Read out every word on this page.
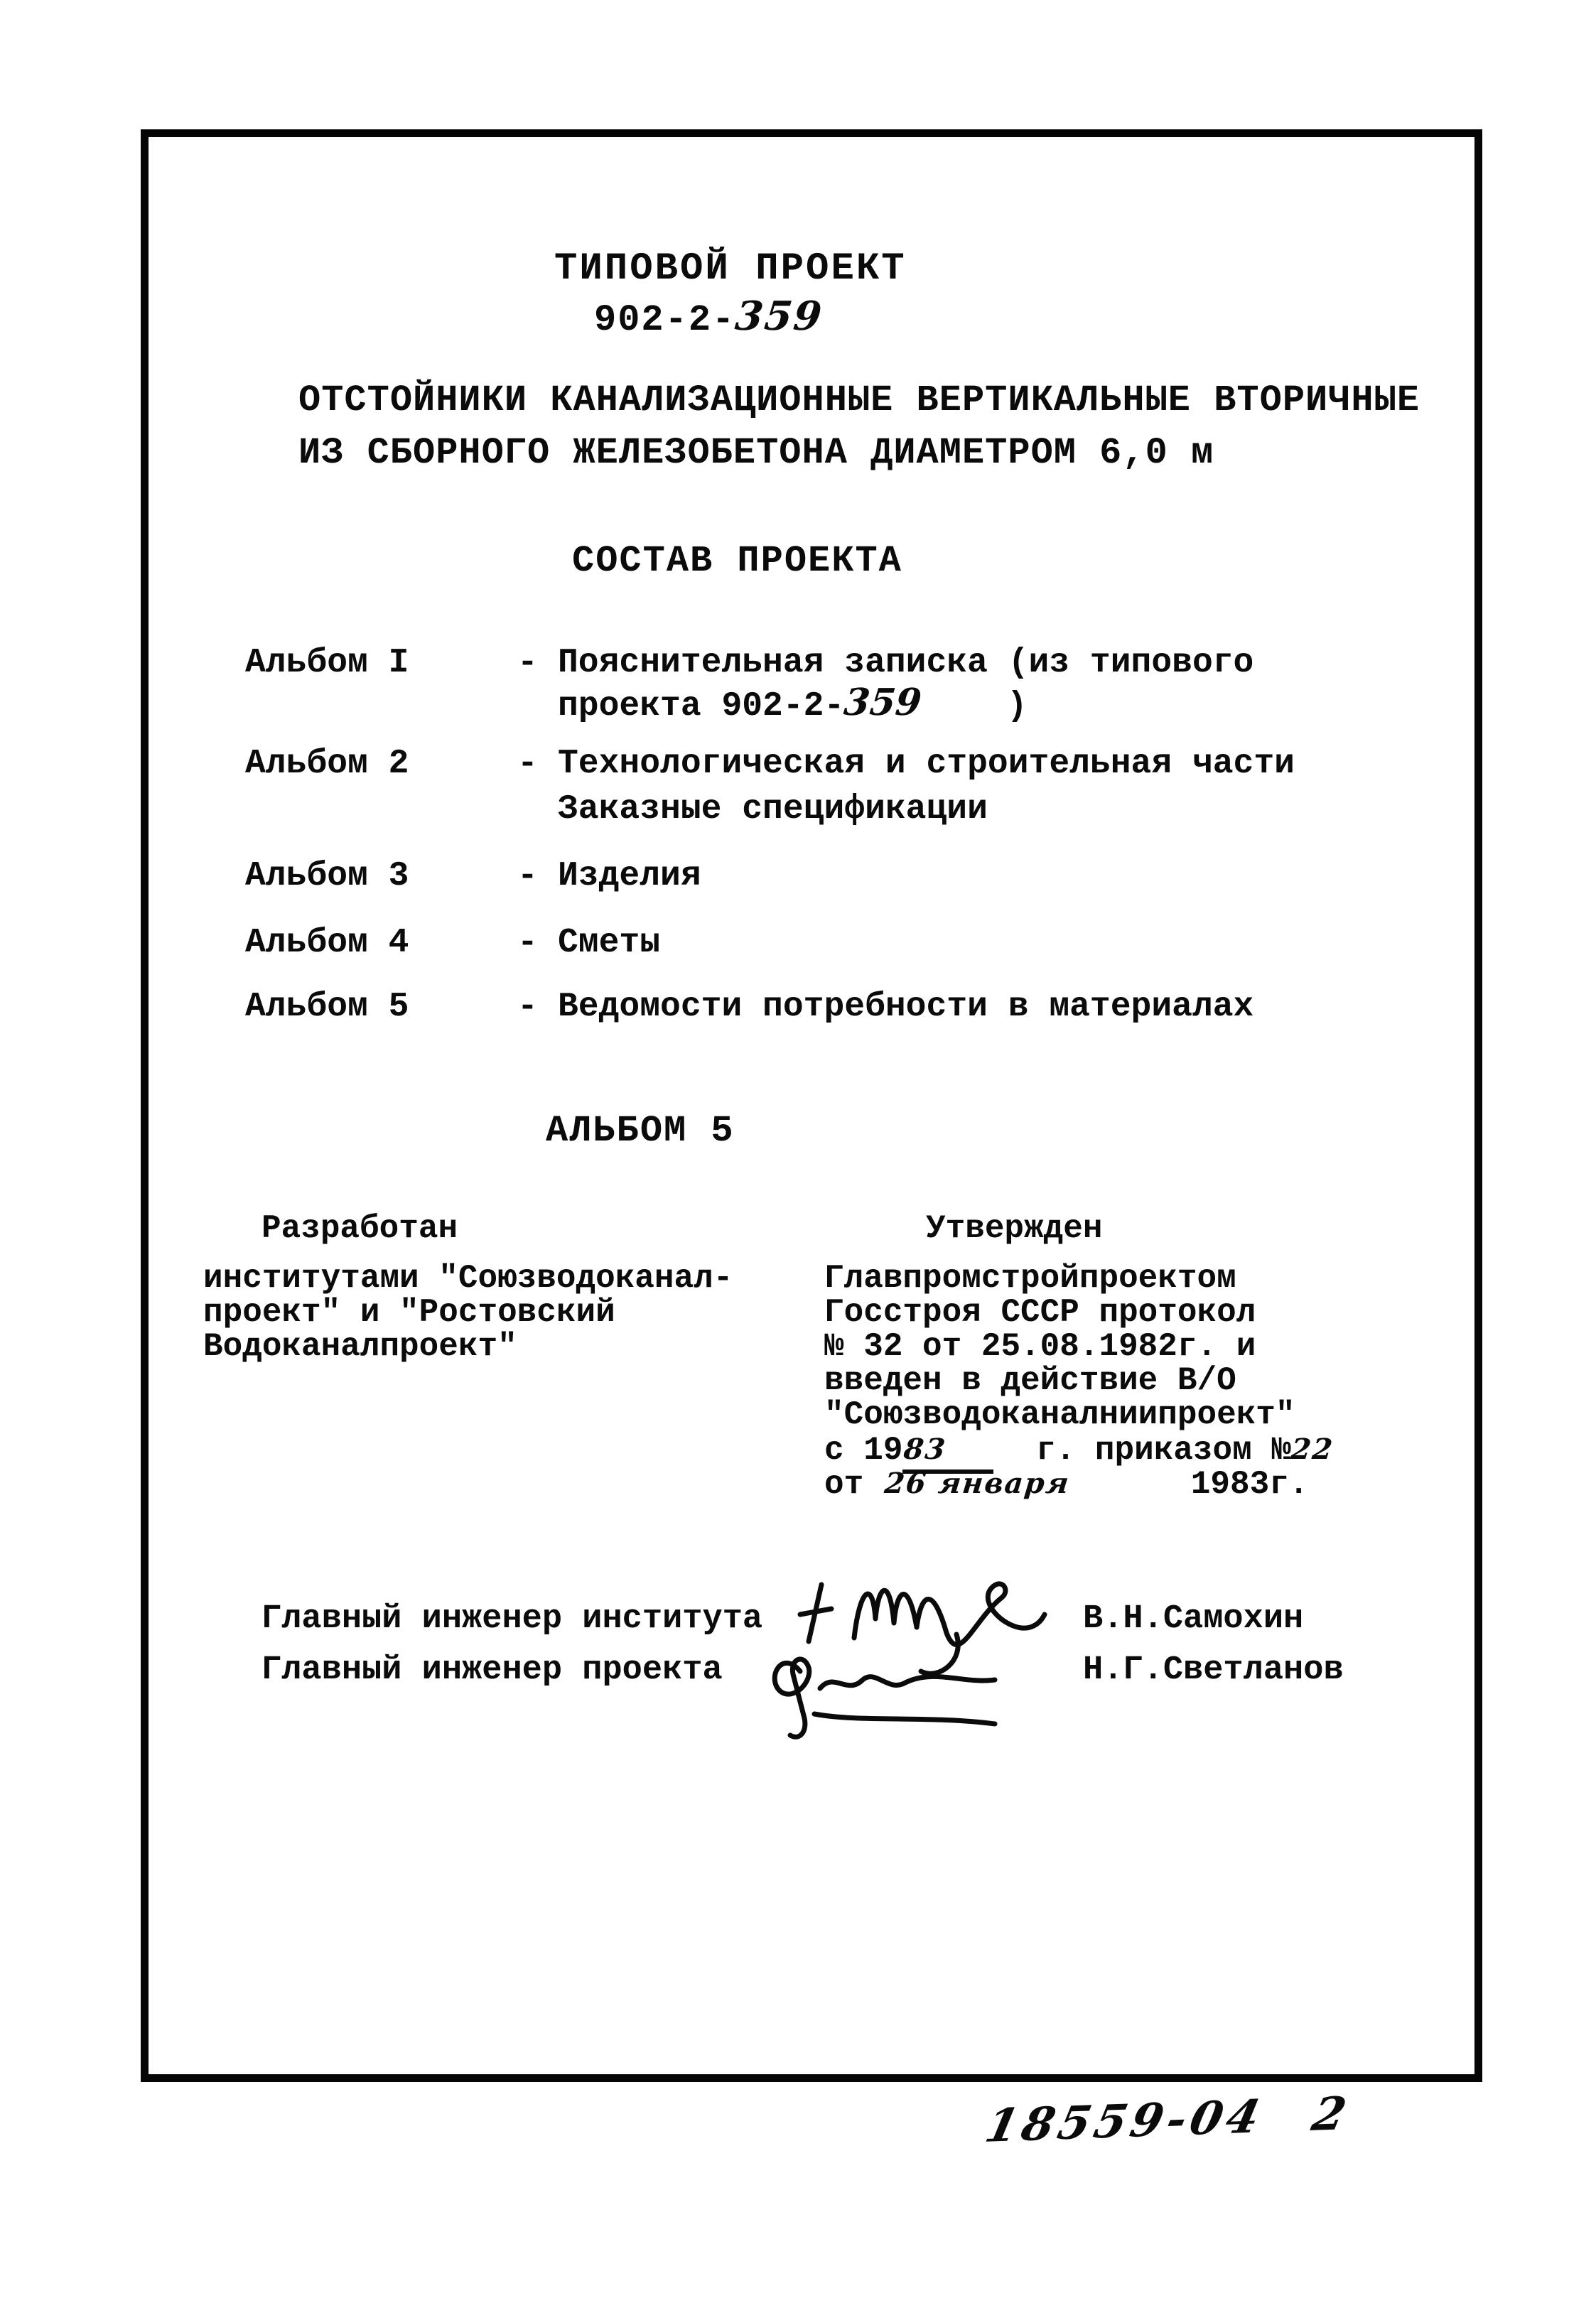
ТИПОВОЙ ПРОЕКТ
902-2-359
ОТСТОЙНИКИ КАНАЛИЗАЦИОННЫЕ ВЕРТИКАЛЬНЫЕ ВТОРИЧНЫЕ
ИЗ СБОРНОГО ЖЕЛЕЗОБЕТОНА ДИАМЕТРОМ 6,0 м
СОСТАВ ПРОЕКТА
Альбом I	- Пояснительная записка (из типового
проекта 902-2-359 )
Альбом 2	- Технологическая и строительная части
Заказные спецификации
Альбом 3	- Изделия
Альбом 4	- Сметы
Альбом 5	- Ведомости потребности в материалах
АЛЬБОМ 5
Разработан
институтами "Союзводоканал-
проект" и "Ростовский
Водоканалпроект"
Утвержден
Главпромстройпроектом
Госстроя СССР протокол
№ 32 от 25.08.1982г. и
введен в действие В/О
"Союзводоканалниипроект"
с 1983	г. приказом №22
от 26 января	1983г.
Главный инженер института	В.Н.Самохин
Главный инженер проекта	Н.Г.Светланов
18559-04 2
